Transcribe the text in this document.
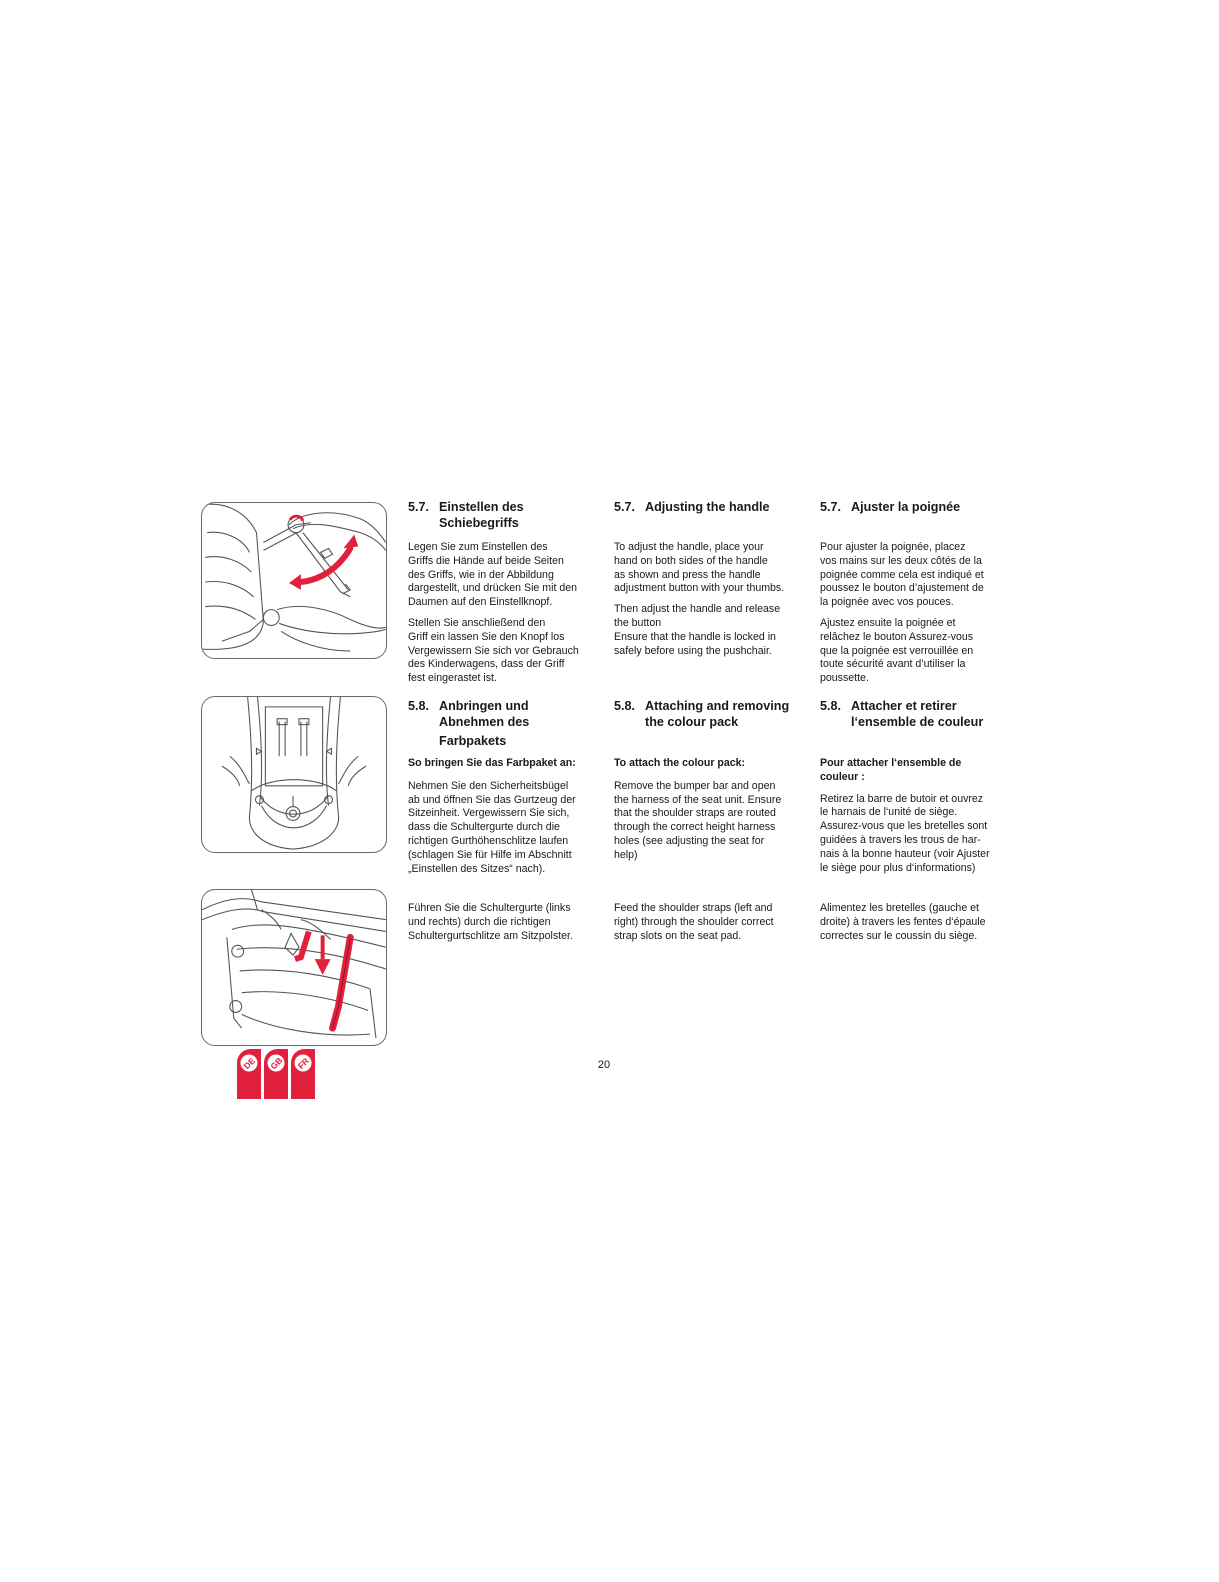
5.7. Einstellen des
Schiebegriffs

Legen Sie zum Einstellen des
Griffs die Hände auf beide Seiten
des Griffs, wie in der Abbildung
dargestellt, und drücken Sie mit den
Daumen auf den Einstellknopf.

Stellen Sie anschließend den
Griff ein lassen Sie den Knopf los
Vergewissern Sie sich vor Gebrauch
des Kinderwagens, dass der Griff
fest eingerastet ist.

5.8. Anbringen und
Abnehmen des
Farbpakets

So bringen Sie das Farbpaket an:

Nehmen Sie den Sicherheitsbügel
ab und öffnen Sie das Gurtzeug der
Sitzeinheit. Vergewissern Sie sich,
dass die Schultergurte durch die
richtigen Gurthöhenschlitze laufen
(schlagen Sie für Hilfe im Abschnitt
„Einstellen des Sitzes“ nach).

Führen Sie die Schultergurte (links
und rechts) durch die richtigen
Schultergurtschlitze am Sitzpolster.

5.7. Adjusting the handle

To adjust the handle, place your
hand on both sides of the handle
as shown and press the handle
adjustment button with your thumbs.

Then adjust the handle and release
the button
Ensure that the handle is locked in
safely before using the pushchair.

5.8. Attaching and removing
the colour pack

To attach the colour pack:

Remove the bumper bar and open
the harness of the seat unit. Ensure
that the shoulder straps are routed
through the correct height harness
holes (see adjusting the seat for
help)

Feed the shoulder straps (left and
right) through the shoulder correct
strap slots on the seat pad.

5.7. Ajuster la poignée

Pour ajuster la poignée, placez
vos mains sur les deux côtés de la
poignée comme cela est indiqué et
poussez le bouton d’ajustement de
la poignée avec vos pouces.

Ajustez ensuite la poignée et
relâchez le bouton Assurez-vous
que la poignée est verrouillée en
toute sécurité avant d’utiliser la
poussette.

5.8. Attacher et retirer
l‘ensemble de couleur

Pour attacher l‘ensemble de
couleur :

Retirez la barre de butoir et ouvrez
le harnais de l‘unité de siège.
Assurez-vous que les bretelles sont
guidées à travers les trous de har-
nais à la bonne hauteur (voir Ajuster
le siège pour plus d‘informations)

Alimentez les bretelles (gauche et
droite) à travers les fentes d‘épaule
correctes sur le coussin du siège.

20
DE GB FR
